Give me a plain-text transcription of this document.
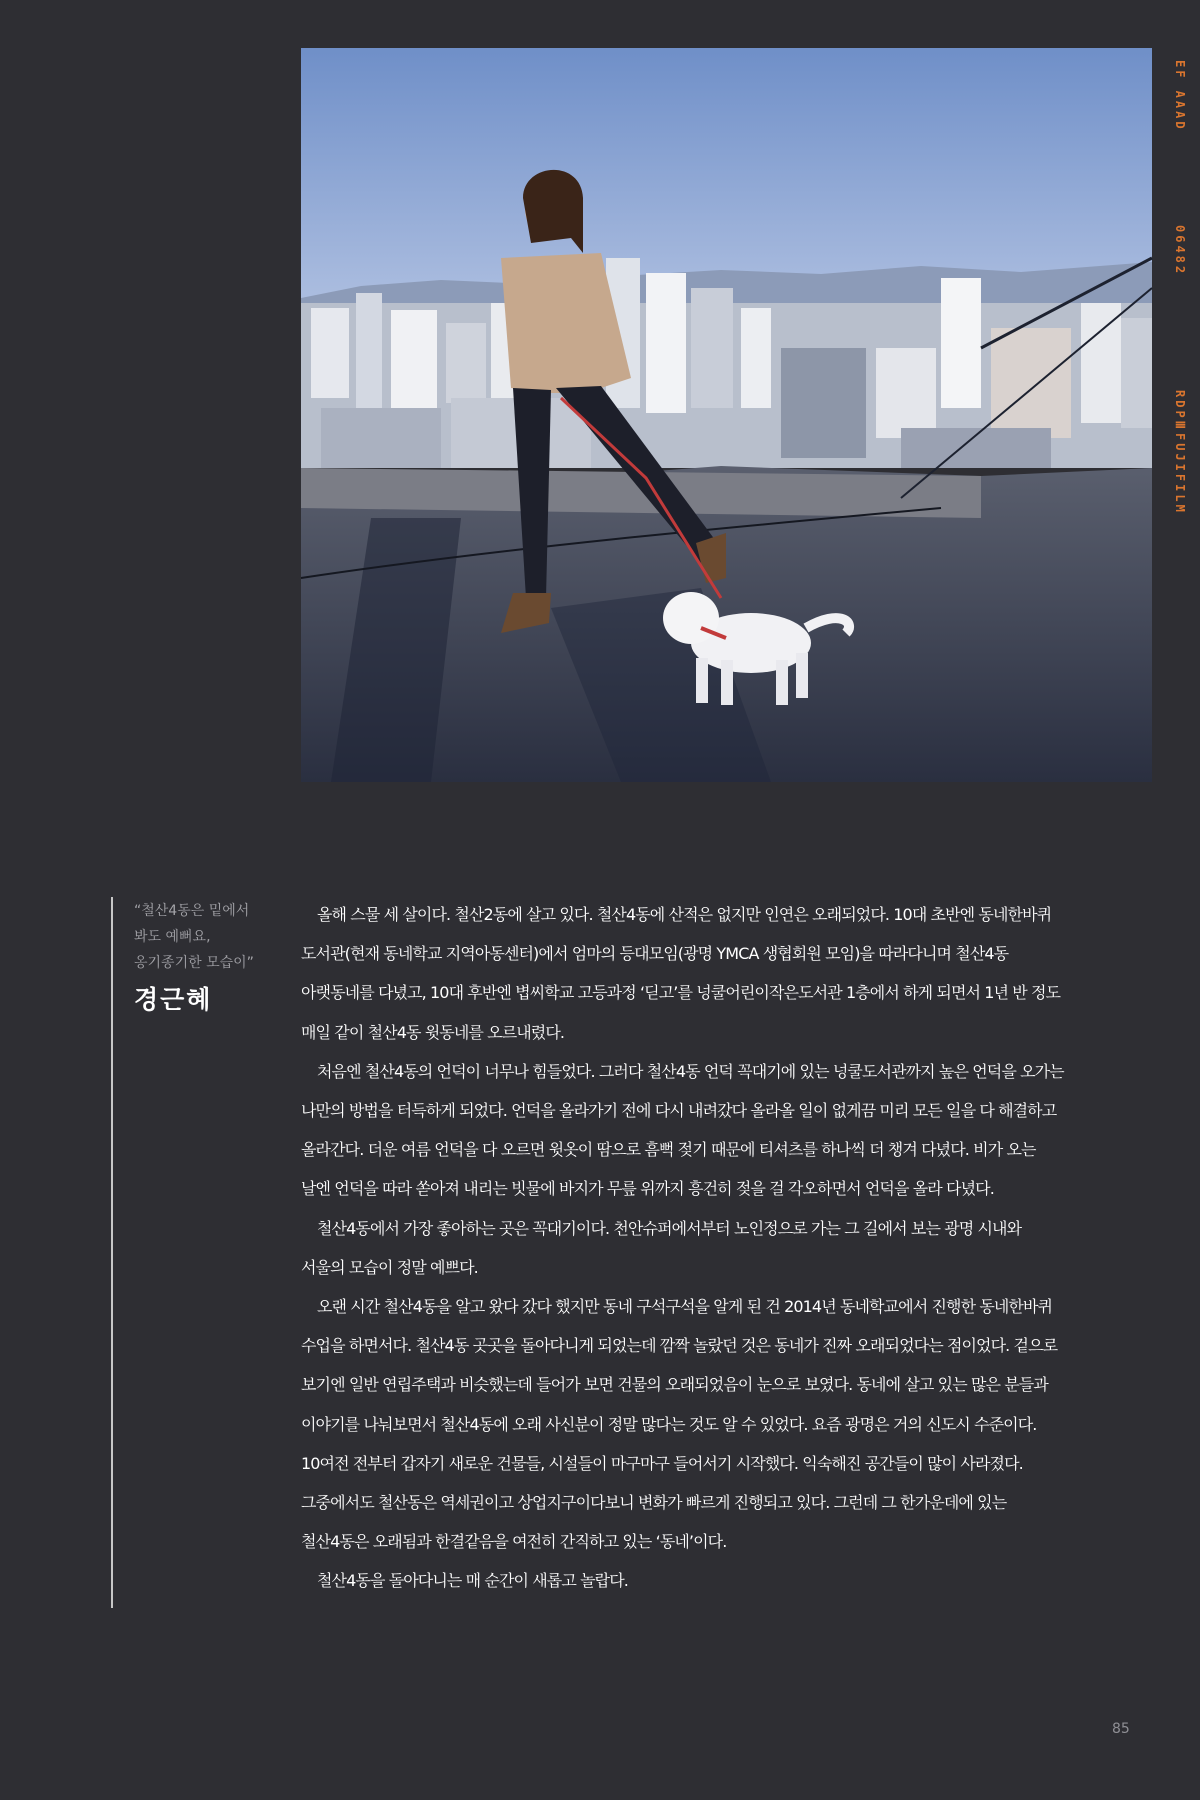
EF AAAD
06482
RDPⅢ
FUJIFILM

“철산4동은 밑에서
봐도 예뻐요,
옹기종기한 모습이”

경근혜

올해 스물 세 살이다. 철산2동에 살고 있다. 철산4동에 산적은 없지만 인연은 오래되었다. 10대 초반엔 동네한바퀴
도서관(현재 동네학교 지역아동센터)에서 엄마의 등대모임(광명 YMCA 생협회원 모임)을 따라다니며 철산4동
아랫동네를 다녔고, 10대 후반엔 볍씨학교 고등과정 ‘딛고’를 넝쿨어린이작은도서관 1층에서 하게 되면서 1년 반 정도
매일 같이 철산4동 윗동네를 오르내렸다.

처음엔 철산4동의 언덕이 너무나 힘들었다. 그러다 철산4동 언덕 꼭대기에 있는 넝쿨도서관까지 높은 언덕을 오가는
나만의 방법을 터득하게 되었다. 언덕을 올라가기 전에 다시 내려갔다 올라올 일이 없게끔 미리 모든 일을 다 해결하고
올라간다. 더운 여름 언덕을 다 오르면 윗옷이 땀으로 흠뻑 젖기 때문에 티셔츠를 하나씩 더 챙겨 다녔다. 비가 오는
날엔 언덕을 따라 쏟아져 내리는 빗물에 바지가 무릎 위까지 흥건히 젖을 걸 각오하면서 언덕을 올라 다녔다.

철산4동에서 가장 좋아하는 곳은 꼭대기이다. 천안슈퍼에서부터 노인정으로 가는 그 길에서 보는 광명 시내와
서울의 모습이 정말 예쁘다.

오랜 시간 철산4동을 알고 왔다 갔다 했지만 동네 구석구석을 알게 된 건 2014년 동네학교에서 진행한 동네한바퀴
수업을 하면서다. 철산4동 곳곳을 돌아다니게 되었는데 깜짝 놀랐던 것은 동네가 진짜 오래되었다는 점이었다. 겉으로
보기엔 일반 연립주택과 비슷했는데 들어가 보면 건물의 오래되었음이 눈으로 보였다. 동네에 살고 있는 많은 분들과
이야기를 나눠보면서 철산4동에 오래 사신분이 정말 많다는 것도 알 수 있었다. 요즘 광명은 거의 신도시 수준이다.
10여전 전부터 갑자기 새로운 건물들, 시설들이 마구마구 들어서기 시작했다. 익숙해진 공간들이 많이 사라졌다.
그중에서도 철산동은 역세권이고 상업지구이다보니 변화가 빠르게 진행되고 있다. 그런데 그 한가운데에 있는
철산4동은 오래됨과 한결같음을 여전히 간직하고 있는 ‘동네’이다.

철산4동을 돌아다니는 매 순간이 새롭고 놀랍다.

85
